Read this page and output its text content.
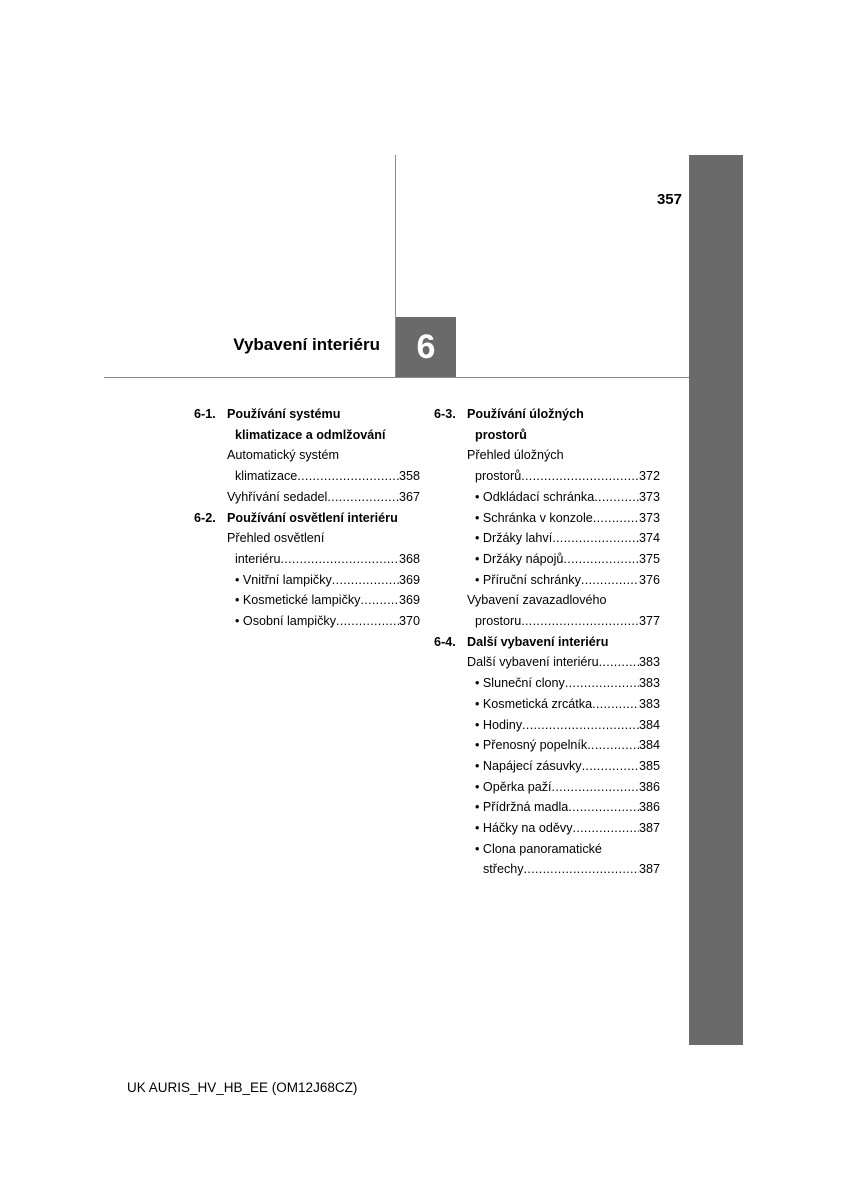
357
Vybavení interiéru 6
6-1. Používání systému
klimatizace a odmlžování
Automatický systém
klimatizace .....	358
Vyhřívání sedadel .....	367
6-2. Používání osvětlení interiéru
Přehled osvětlení
interiéru .....	368
• Vnitřní lampičky .....	369
• Kosmetické lampičky .....	369
• Osobní lampičky .....	370
6-3. Používání úložných
prostorů
Přehled úložných
prostorů .....	372
• Odkládací schránka .....	373
• Schránka v konzole .....	373
• Držáky lahví .....	374
• Držáky nápojů .....	375
• Příruční schránky .....	376
Vybavení zavazadlového
prostoru .....	377
6-4. Další vybavení interiéru
Další vybavení interiéru .....	383
• Sluneční clony .....	383
• Kosmetická zrcátka .....	383
• Hodiny .....	384
• Přenosný popelník .....	384
• Napájecí zásuvky .....	385
• Opěrka paží .....	386
• Přídržná madla .....	386
• Háčky na oděvy .....	387
• Clona panoramatické
střechy .....	387
UK AURIS_HV_HB_EE (OM12J68CZ)
